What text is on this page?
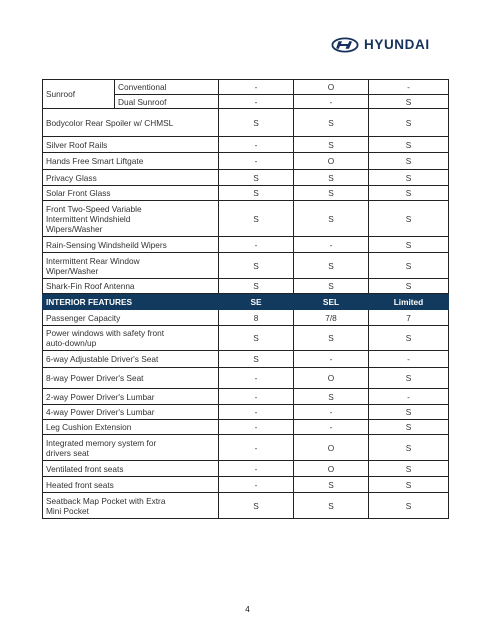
HYUNDAI
Sunroof	Conventional	-	O	-
	Dual Sunroof	-	-	S
Bodycolor Rear Spoiler w/ CHMSL		S	S	S
Silver Roof Rails		-	S	S
Hands Free Smart Liftgate		-	O	S
Privacy Glass		S	S	S
Solar Front Glass		S	S	S
Front Two-Speed Variable Intermittent Windshield Wipers/Washer		S	S	S
Rain-Sensing Windsheild Wipers		-	-	S
Intermittent Rear Window Wiper/Washer		S	S	S
Shark-Fin Roof Antenna		S	S	S
INTERIOR FEATURES		SE	SEL	Limited
Passenger Capacity		8	7/8	7
Power windows with safety front auto-down/up		S	S	S
6-way Adjustable Driver's Seat		S	-	-
8-way Power Driver's Seat		-	O	S
2-way Power Driver's Lumbar		-	S	-
4-way Power Driver's Lumbar		-	-	S
Leg Cushion Extension		-	-	S
Integrated memory system for drivers seat		-	O	S
Ventilated front seats		-	O	S
Heated front seats		-	S	S
Seatback Map Pocket with Extra Mini Pocket		S	S	S
4
